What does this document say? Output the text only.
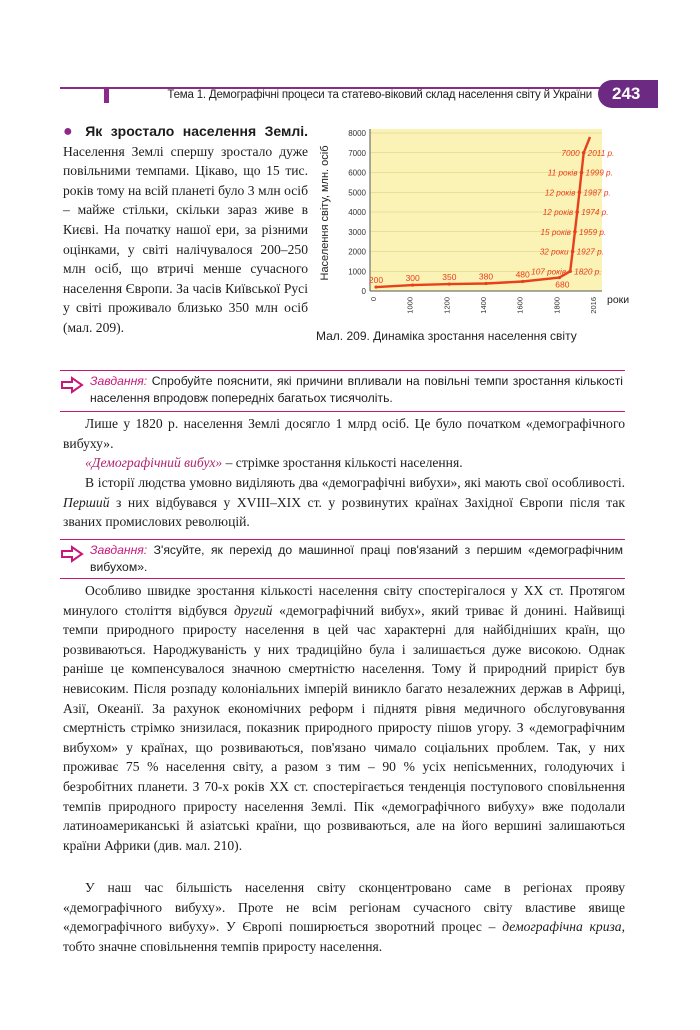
Тема 1. Демографічні процеси та статево-віковий склад населення світу й України	243
● Як зростало населення Землі. Населення Землі спершу зростало дуже повільними темпами. Цікаво, що 15 тис. років тому на всій планеті було 3 млн осіб – майже стільки, скільки зараз живе в Києві. На початку нашої ери, за різними оцінками, у світі налічувалося 200–250 млн осіб, що втричі менше сучасного населення Європи. За часів Київської Русі у світі проживало близько 350 млн осіб (мал. 209).
0
1000
2000
3000
4000
5000
6000
7000
8000
0	1000	1200	1400	1600	1800	2016
200	300	350	380	480
680
107 років 1820 р.
32 роки 1927 р.
15 років 1959 р.
12 років 1974 р.
12 років 1987 р.
11 років 1999 р.
7000 2011 р.
Населення світу, млн. осіб
роки
Мал. 209. Динаміка зростання населення світу
Завдання: Спробуйте пояснити, які причини впливали на повільні темпи зростання кількості населення впродовж попередніх багатьох тисячоліть.
Лише у 1820 р. населення Землі досягло 1 млрд осіб. Це було початком «демографічного вибуху».
«Демографічний вибух» – стрімке зростання кількості населення.
В історії людства умовно виділяють два «демографічні вибухи», які мають свої особливості. Перший з них відбувався у XVIII–XIX ст. у розвинутих країнах Західної Європи після так званих промислових революцій.
Завдання: З'ясуйте, як перехід до машинної праці пов'язаний з першим «демографічним вибухом».
Особливо швидке зростання кількості населення світу спостерігалося у XX ст. Протягом минулого століття відбувся другий «демографічний вибух», який триває й донині. Найвищі темпи природного приросту населення в цей час характерні для найбідніших країн, що розвиваються. Народжуваність у них традиційно була і залишається дуже високою. Однак раніше це компенсувалося значною смертністю населення. Тому й природний приріст був невисоким. Після розпаду колоніальних імперій виникло багато незалежних держав в Африці, Азії, Океанії. За рахунок економічних реформ і піднятя рівня медичного обслуговування смертність стрімко знизилася, показник природного приросту пішов угору. З «демографічним вибухом» у країнах, що розвиваються, пов'язано чимало соціальних проблем. Так, у них проживає 75 % населення світу, а разом з тим – 90 % усіх непісьменних, голодуючих і безробітних планети. З 70-х років XX ст. спостерігається тенденція поступового сповільнення темпів природного приросту населення Землі. Пік «демографічного вибуху» вже подолали латиноамериканські й азіатські країни, що розвиваються, але на його вершині залишаються країни Африки (див. мал. 210).
У наш час більшість населення світу сконцентровано саме в регіонах прояву «демографічного вибуху». Проте не всім регіонам сучасного світу властиве явище «демографічного вибуху». У Європі поширюється зворотний процес – демографічна криза, тобто значне сповільнення темпів приросту населення.
